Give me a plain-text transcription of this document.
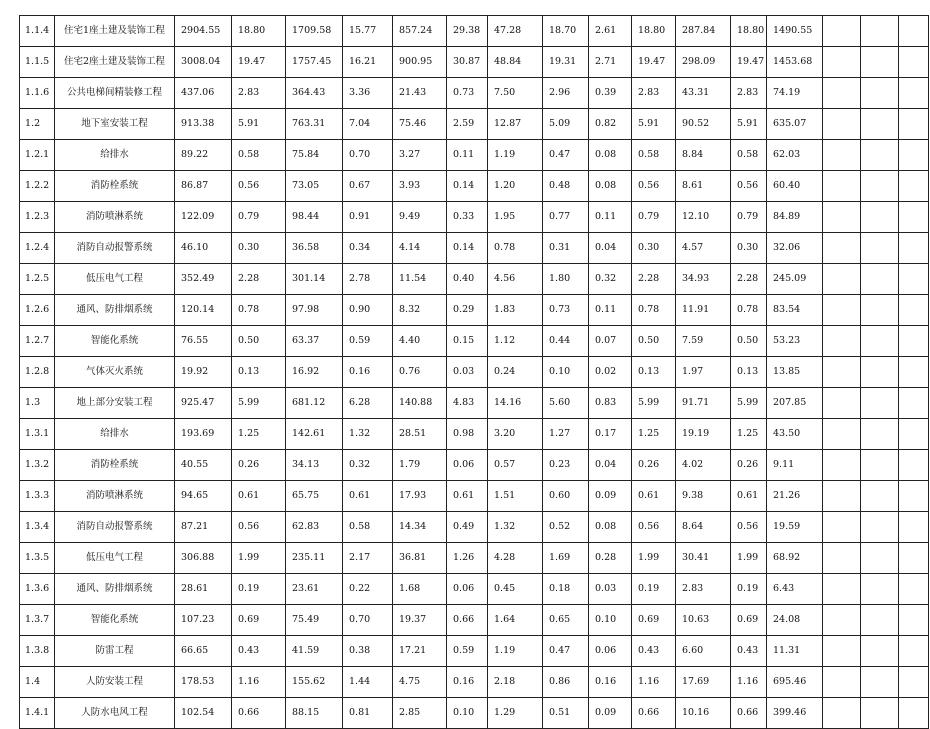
1.1.4	住宅1座土建及装饰工程	2904.55	18.80	1709.58	15.77	857.24	29.38	47.28	18.70	2.61	18.80	287.84	18.80	1490.55			
1.1.5	住宅2座土建及装饰工程	3008.04	19.47	1757.45	16.21	900.95	30.87	48.84	19.31	2.71	19.47	298.09	19.47	1453.68			
1.1.6	公共电梯间精装修工程	437.06	2.83	364.43	3.36	21.43	0.73	7.50	2.96	0.39	2.83	43.31	2.83	74.19			
1.2	地下室安装工程	913.38	5.91	763.31	7.04	75.46	2.59	12.87	5.09	0.82	5.91	90.52	5.91	635.07			
1.2.1	给排水	89.22	0.58	75.84	0.70	3.27	0.11	1.19	0.47	0.08	0.58	8.84	0.58	62.03			
1.2.2	消防栓系统	86.87	0.56	73.05	0.67	3.93	0.14	1.20	0.48	0.08	0.56	8.61	0.56	60.40			
1.2.3	消防喷淋系统	122.09	0.79	98.44	0.91	9.49	0.33	1.95	0.77	0.11	0.79	12.10	0.79	84.89			
1.2.4	消防自动报警系统	46.10	0.30	36.58	0.34	4.14	0.14	0.78	0.31	0.04	0.30	4.57	0.30	32.06			
1.2.5	低压电气工程	352.49	2.28	301.14	2.78	11.54	0.40	4.56	1.80	0.32	2.28	34.93	2.28	245.09			
1.2.6	通风、防排烟系统	120.14	0.78	97.98	0.90	8.32	0.29	1.83	0.73	0.11	0.78	11.91	0.78	83.54			
1.2.7	智能化系统	76.55	0.50	63.37	0.59	4.40	0.15	1.12	0.44	0.07	0.50	7.59	0.50	53.23			
1.2.8	气体灭火系统	19.92	0.13	16.92	0.16	0.76	0.03	0.24	0.10	0.02	0.13	1.97	0.13	13.85			
1.3	地上部分安装工程	925.47	5.99	681.12	6.28	140.88	4.83	14.16	5.60	0.83	5.99	91.71	5.99	207.85			
1.3.1	给排水	193.69	1.25	142.61	1.32	28.51	0.98	3.20	1.27	0.17	1.25	19.19	1.25	43.50			
1.3.2	消防栓系统	40.55	0.26	34.13	0.32	1.79	0.06	0.57	0.23	0.04	0.26	4.02	0.26	9.11			
1.3.3	消防喷淋系统	94.65	0.61	65.75	0.61	17.93	0.61	1.51	0.60	0.09	0.61	9.38	0.61	21.26			
1.3.4	消防自动报警系统	87.21	0.56	62.83	0.58	14.34	0.49	1.32	0.52	0.08	0.56	8.64	0.56	19.59			
1.3.5	低压电气工程	306.88	1.99	235.11	2.17	36.81	1.26	4.28	1.69	0.28	1.99	30.41	1.99	68.92			
1.3.6	通风、防排烟系统	28.61	0.19	23.61	0.22	1.68	0.06	0.45	0.18	0.03	0.19	2.83	0.19	6.43			
1.3.7	智能化系统	107.23	0.69	75.49	0.70	19.37	0.66	1.64	0.65	0.10	0.69	10.63	0.69	24.08			
1.3.8	防雷工程	66.65	0.43	41.59	0.38	17.21	0.59	1.19	0.47	0.06	0.43	6.60	0.43	11.31			
1.4	人防安装工程	178.53	1.16	155.62	1.44	4.75	0.16	2.18	0.86	0.16	1.16	17.69	1.16	695.46			
1.4.1	人防水电风工程	102.54	0.66	88.15	0.81	2.85	0.10	1.29	0.51	0.09	0.66	10.16	0.66	399.46			
